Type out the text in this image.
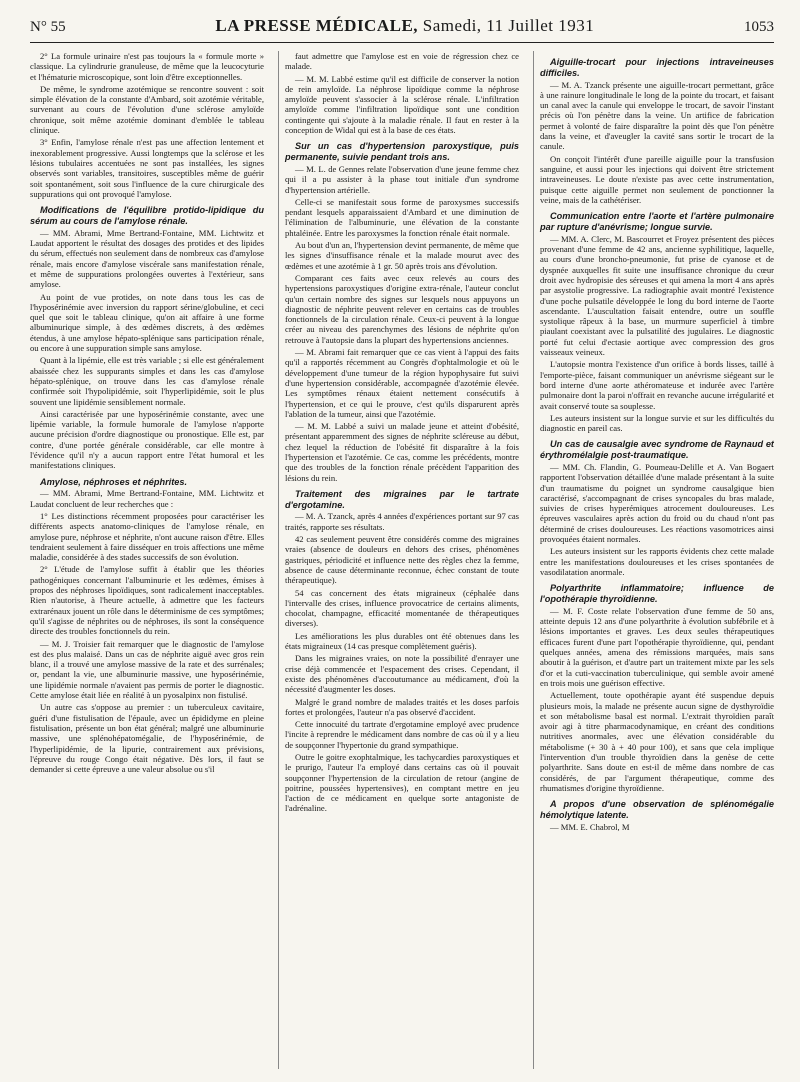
N° 55	LA PRESSE MÉDICALE, Samedi, 11 Juillet 1931	1053

2° La formule urinaire n'est pas toujours la « formule morte » classique. La cylindrurie granuleuse, de même que la leucocyturie et l'hématurie microscopique, sont loin d'être exceptionnelles.

De même, le syndrome azotémique se rencontre souvent : soit simple élévation de la constante d'Ambard, soit azotémie véritable, survenant au cours de l'évolution d'une sclérose amyloïde chronique, soit même azotémie dominant d'emblée le tableau clinique.

3° Enfin, l'amylose rénale n'est pas une affection lentement et inexorablement progressive. Aussi longtemps que la sclérose et les lésions tubulaires accentuées ne sont pas installées, les signes observés sont variables, transitoires, susceptibles même de guérir soit spontanément, soit sous l'influence de la cure chirurgicale des suppurations qui ont provoqué l'amylose.

Modifications de l'équilibre protido-lipidique du sérum au cours de l'amylose rénale.

— MM. Abrami, Mme Bertrand-Fontaine, MM. Lichtwitz et Laudat apportent le résultat des dosages des protides et des lipides du sérum, effectués non seulement dans de nombreux cas d'amylose rénale, mais encore d'amylose viscérale sans manifestation rénale, et même de suppurations prolongées ouvertes à l'extérieur, sans amylose.

Au point de vue protides, on note dans tous les cas de l'hyposérinémie avec inversion du rapport sérine/globuline, et ceci quel que soit le tableau clinique, qu'on ait affaire à une forme albuminurique simple, à des œdèmes discrets, à des œdèmes étendus, à une amylose hépato-splénique sans participation rénale, ou encore à une suppuration simple sans amylose.

Quant à la lipémie, elle est très variable ; si elle est généralement abaissée chez les suppurants simples et dans les cas d'amylose hépato-splénique, on trouve dans les cas d'amylose rénale confirmée soit l'hypolipidémie, soit l'hyperlipidémie, soit le plus souvent une lipidémie sensiblement normale.

Ainsi caractérisée par une hyposérinémie constante, avec une lipémie variable, la formule humorale de l'amylose n'apporte aucune précision d'ordre diagnostique ou pronostique. Elle est, par contre, d'une portée générale considérable, car elle montre à l'évidence qu'il n'y a aucun rapport entre l'état humoral et les manifestations cliniques.

Amylose, néphroses et néphrites.

— MM. Abrami, Mme Bertrand-Fontaine, MM. Lichtwitz et Laudat concluent de leur recherches que :

1° Les distinctions récemment proposées pour caractériser les différents aspects anatomo-cliniques de l'amylose rénale, en amylose pure, néphrose et néphrite, n'ont aucune raison d'être. Elles tendraient seulement à faire disséquer en trois affections une même maladie, considérée à des stades successifs de son évolution.

2° L'étude de l'amylose suffit à établir que les théories pathogéniques concernant l'albuminurie et les œdèmes, émises à propos des néphroses lipoïdiques, sont radicalement inacceptables. Rien n'autorise, à l'heure actuelle, à admettre que les facteurs extrarénaux jouent un rôle dans le déterminisme de ces symptômes; qu'il s'agisse de néphrites ou de néphroses, ils sont la conséquence directe des troubles fonctionnels du rein.

— M. J. Troisier fait remarquer que le diagnostic de l'amylose est des plus malaisé. Dans un cas de néphrite aiguë avec gros rein blanc, il a trouvé une amylose massive de la rate et des surrénales; or, pendant la vie, une albuminurie massive, une hyposérinémie, une lipidémie normale n'avaient pas permis de porter le diagnostic. Cette amylose était liée en réalité à un pyosalpinx non fistulisé.

Un autre cas s'oppose au premier : un tuberculeux cavitaire, guéri d'une fistulisation de l'épaule, avec un épididyme en pleine fistulisation, présente un bon état général; malgré une albuminurie massive, une splénohépatomégalie, de l'hyposérinémie, de l'hyperlipidémie, de la lipurie, contrairement aux prévisions, l'épreuve du rouge Congo était négative. Dès lors, il faut se demander si cette épreuve a une valeur absolue ou s'il

faut admettre que l'amylose est en voie de régression chez ce malade.

— M. M. Labbé estime qu'il est difficile de conserver la notion de rein amyloïde. La néphrose lipoïdique comme la néphrose amyloïde peuvent s'associer à la sclérose rénale. L'infiltration amyloïde comme l'infiltration lipoïdique sont une condition contingente qui s'ajoute à la maladie rénale. Il faut en rester à la conception de Widal qui est à la base de ces états.

Sur un cas d'hypertension paroxystique, puis permanente, suivie pendant trois ans.

— M. L. de Gennes relate l'observation d'une jeune femme chez qui il a pu assister à la phase tout initiale d'un syndrome d'hypertension artérielle.

Celle-ci se manifestait sous forme de paroxysmes successifs pendant lesquels apparaissaient d'Ambard et une diminution de l'élimination de l'albuminurie, une élévation de la constante phtaléinée. Entre les paroxysmes la fonction rénale était normale.

Au bout d'un an, l'hypertension devint permanente, de même que les signes d'insuffisance rénale et la malade mourut avec des œdèmes et une azotémie à 1 gr. 50 après trois ans d'évolution.

Comparant ces faits avec ceux relevés au cours des hypertensions paroxystiques d'origine extra-rénale, l'auteur conclut qu'un certain nombre des signes sur lesquels nous appuyons un diagnostic de néphrite peuvent relever en certains cas de troubles fonctionnels de la circulation rénale. Ceux-ci peuvent à la longue créer au niveau des parenchymes des lésions de néphrite qu'on retrouve à l'autopsie dans la plupart des hypertensions anciennes.

— M. Abrami fait remarquer que ce cas vient à l'appui des faits qu'il a rapportés récemment au Congrès d'ophtalmologie et où le développement d'une tumeur de la région hypophysaire fut suivi d'une hypertension considérable, accompagnée d'azotémie élevée. Les symptômes rénaux étaient nettement consécutifs à l'hypertension, et ce qui le prouve, c'est qu'ils disparurent après l'ablation de la tumeur, ainsi que l'azotémie.

— M. M. Labbé a suivi un malade jeune et atteint d'obésité, présentant apparemment des signes de néphrite scléreuse au début, chez lequel la réduction de l'obésité fit disparaître à la fois l'hypertension et l'azotémie. Ce cas, comme les précédents, montre que des troubles de la fonction rénale précèdent l'apparition des lésions du rein.

Traitement des migraines par le tartrate d'ergotamine.

— M. A. Tzanck, après 4 années d'expériences portant sur 97 cas traités, rapporte ses résultats.

42 cas seulement peuvent être considérés comme des migraines vraies (absence de douleurs en dehors des crises, phénomènes gastriques, périodicité et influence nette des règles chez la femme, absence de cause déterminante reconnue, échec constant de toute thérapeutique).

54 cas concernent des états migraineux (céphalée dans l'intervalle des crises, influence provocatrice de certains aliments, chocolat, champagne, efficacité momentanée de thérapeutiques diverses).

Les améliorations les plus durables ont été obtenues dans les états migraineux (14 cas presque complètement guéris).

Dans les migraines vraies, on note la possibilité d'enrayer une crise déjà commencée et l'espacement des crises. Cependant, il existe des phénomènes d'accoutumance au médicament, d'où la nécessité d'augmenter les doses.

Malgré le grand nombre de malades traités et les doses parfois fortes et prolongées, l'auteur n'a pas observé d'accident.

Cette innocuité du tartrate d'ergotamine employé avec prudence l'incite à reprendre le médicament dans nombre de cas où il y a lieu de soupçonner l'hypertonie du grand sympathique.

Outre le goitre exophtalmique, les tachycardies paroxystiques et le prurigo, l'auteur l'a employé dans certains cas où il pouvait soupçonner l'hypertension de la circulation de retour (angine de poitrine, poussées hypertensives), en comptant mettre en jeu l'action de ce médicament en quelque sorte antagoniste de l'adrénaline.

Aiguille-trocart pour injections intraveineuses difficiles.

— M. A. Tzanck présente une aiguille-trocart permettant, grâce à une rainure longitudinale le long de la pointe du trocart, et faisant un canal avec la canule qui enveloppe le trocart, de savoir l'instant précis où l'on pénètre dans la veine. Un artifice de fabrication permet à volonté de faire disparaître la point dès que l'on pénètre dans la veine, et d'aveugler la cavité sans sortir le trocart de la canule.

On conçoit l'intérêt d'une pareille aiguille pour la transfusion sanguine, et aussi pour les injections qui doivent être strictement intraveineuses. Le doute n'existe pas avec cette instrumentation, puisque cette aiguille permet non seulement de ponctionner la veine, mais de la cathétériser.

Communication entre l'aorte et l'artère pulmonaire par rupture d'anévrisme; longue survie.

— MM. A. Clerc, M. Bascourret et Froyez présentent des pièces provenant d'une femme de 42 ans, ancienne syphilitique, laquelle, au cours d'une broncho-pneumonie, fut prise de cyanose et de dyspnée auxquelles fit suite une insuffisance chronique du cœur droit avec hydropisie des séreuses et qui amena la mort 4 ans après par asystolie progressive. La radiographie avait montré l'existence d'une poche pulsatile développée le long du bord interne de l'aorte ascendante. L'auscultation faisait entendre, outre un souffle systolique râpeux à la base, un murmure superficiel à timbre piaulant coexistant avec la pulsatilité des jugulaires. Le diagnostic porté fut celui d'ectasie aortique avec compression des gros vaisseaux veineux.

L'autopsie montra l'existence d'un orifice à bords lisses, taillé à l'emporte-pièce, faisant communiquer un anévrisme siégeant sur le bord interne d'une aorte athéromateuse et indurée avec l'artère pulmonaire dont la paroi n'offrait en revanche aucune irrégularité et avait conservé toute sa souplesse.

Les auteurs insistent sur la longue survie et sur les difficultés du diagnostic en pareil cas.

Un cas de causalgie avec syndrome de Raynaud et érythromélalgie post-traumatique.

— MM. Ch. Flandin, G. Poumeau-Delille et A. Van Bogaert rapportent l'observation détaillée d'une malade présentant à la suite d'un traumatisme du poignet un syndrome causalgique bien caractérisé, s'accompagnant de crises syncopales du bras malade, suivies de crises hyperémiques atrocement douloureuses. Les épreuves vasculaires après action du froid ou du chaud n'ont pas déterminé de crises douloureuses. Les réactions vasomotrices ainsi provoquées étaient normales.

Les auteurs insistent sur les rapports évidents chez cette malade entre les manifestations douloureuses et les crises spontanées de vasodilatation anormale.

Polyarthrite inflammatoire; influence de l'opothérapie thyroïdienne.

— M. F. Coste relate l'observation d'une femme de 50 ans, atteinte depuis 12 ans d'une polyarthrite à évolution subfébrile et à lésions importantes et graves. Les deux seules thérapeutiques efficaces furent d'une part l'opothérapie thyroïdienne, qui, pendant quelques années, amena des rémissions marquées, mais sans aboutir à la guérison, et d'autre part un traitement mixte par les sels d'or et la cuti-vaccination tuberculinique, qui semble avoir amené en trois mois une guérison effective.

Actuellement, toute opothérapie ayant été suspendue depuis plusieurs mois, la malade ne présente aucun signe de dysthyroïdie et son métabolisme basal est normal. L'extrait thyroïdien paraît avoir agi à titre pharmacodynamique, en créant des conditions nutritives anormales, avec une élévation considérable du métabolisme (+ 30 à + 40 pour 100), et sans que cela implique l'intervention d'un trouble thyroïdien dans la genèse de cette polyarthrite. Sans doute en est-il de même dans nombre de cas considérés, de par l'argument thérapeutique, comme des rhumatismes d'origine thyroïdienne.

A propos d'une observation de splénomégalie hémolytique latente.

— MM. E. Chabrol, M
